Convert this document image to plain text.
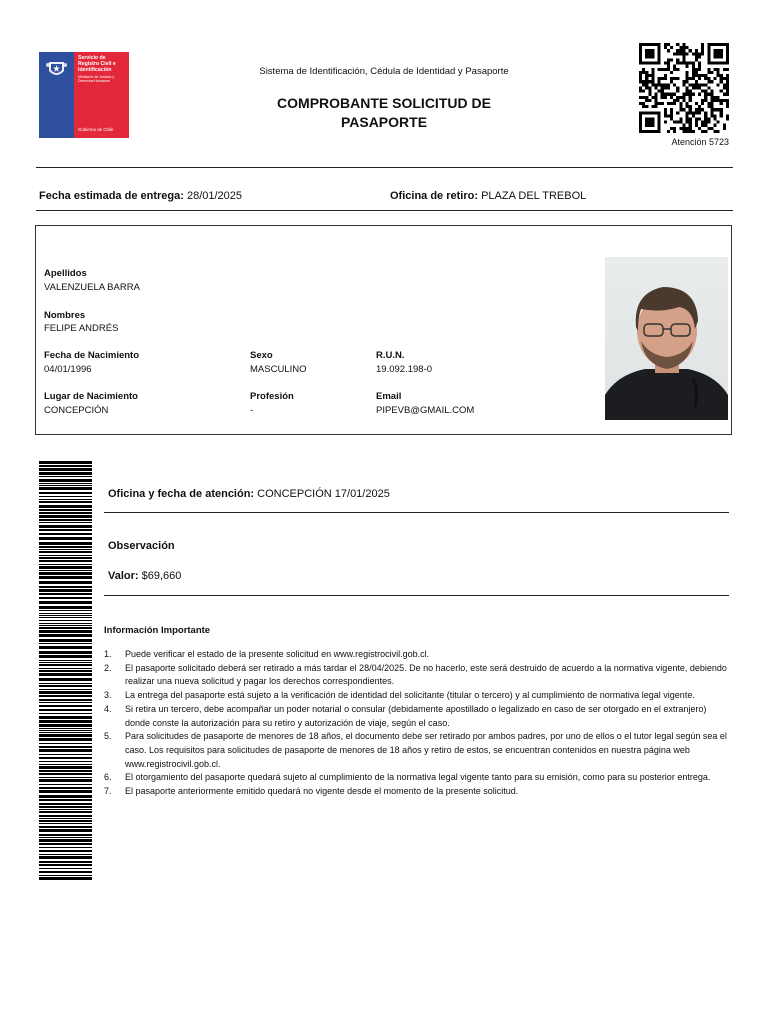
Servicio de Registro Civil e Identificación
Ministerio de Justicia y Derechos Humanos
Gobierno de Chile
Sistema de Identificación, Cédula de Identidad y Pasaporte
COMPROBANTE SOLICITUD DE
PASAPORTE
Atención 5723
Fecha estimada de entrega: 28/01/2025	Oficina de retiro: PLAZA DEL TREBOL
Apellidos
VALENZUELA BARRA
Nombres
FELIPE ANDRÉS
Fecha de Nacimiento
04/01/1996
Sexo
MASCULINO
R.U.N.
19.092.198-0
Lugar de Nacimiento
CONCEPCIÓN
Profesión
-
Email
PIPEVB@GMAIL.COM
Oficina y fecha de atención: CONCEPCIÓN 17/01/2025
Observación
Valor: $69,660
Información Importante
1. Puede verificar el estado de la presente solicitud en www.registrocivil.gob.cl.
2. El pasaporte solicitado deberá ser retirado a más tardar el 28/04/2025. De no hacerlo, este será destruido de acuerdo a la normativa vigente, debiendo realizar una nueva solicitud y pagar los derechos correspondientes.
3. La entrega del pasaporte está sujeto a la verificación de identidad del solicitante (titular o tercero) y al cumplimiento de normativa legal vigente.
4. Si retira un tercero, debe acompañar un poder notarial o consular (debidamente apostillado o legalizado en caso de ser otorgado en el extranjero) donde conste la autorización para su retiro y autorización de viaje, según el caso.
5. Para solicitudes de pasaporte de menores de 18 años, el documento debe ser retirado por ambos padres, por uno de ellos o el tutor legal según sea el caso. Los requisitos para solicitudes de pasaporte de menores de 18 años y retiro de estos, se encuentran contenidos en nuestra página web www.registrocivil.gob.cl.
6. El otorgamiento del pasaporte quedará sujeto al cumplimiento de la normativa legal vigente tanto para su emisión, como para su posterior entrega.
7. El pasaporte anteriormente emitido quedará no vigente desde el momento de la presente solicitud.
